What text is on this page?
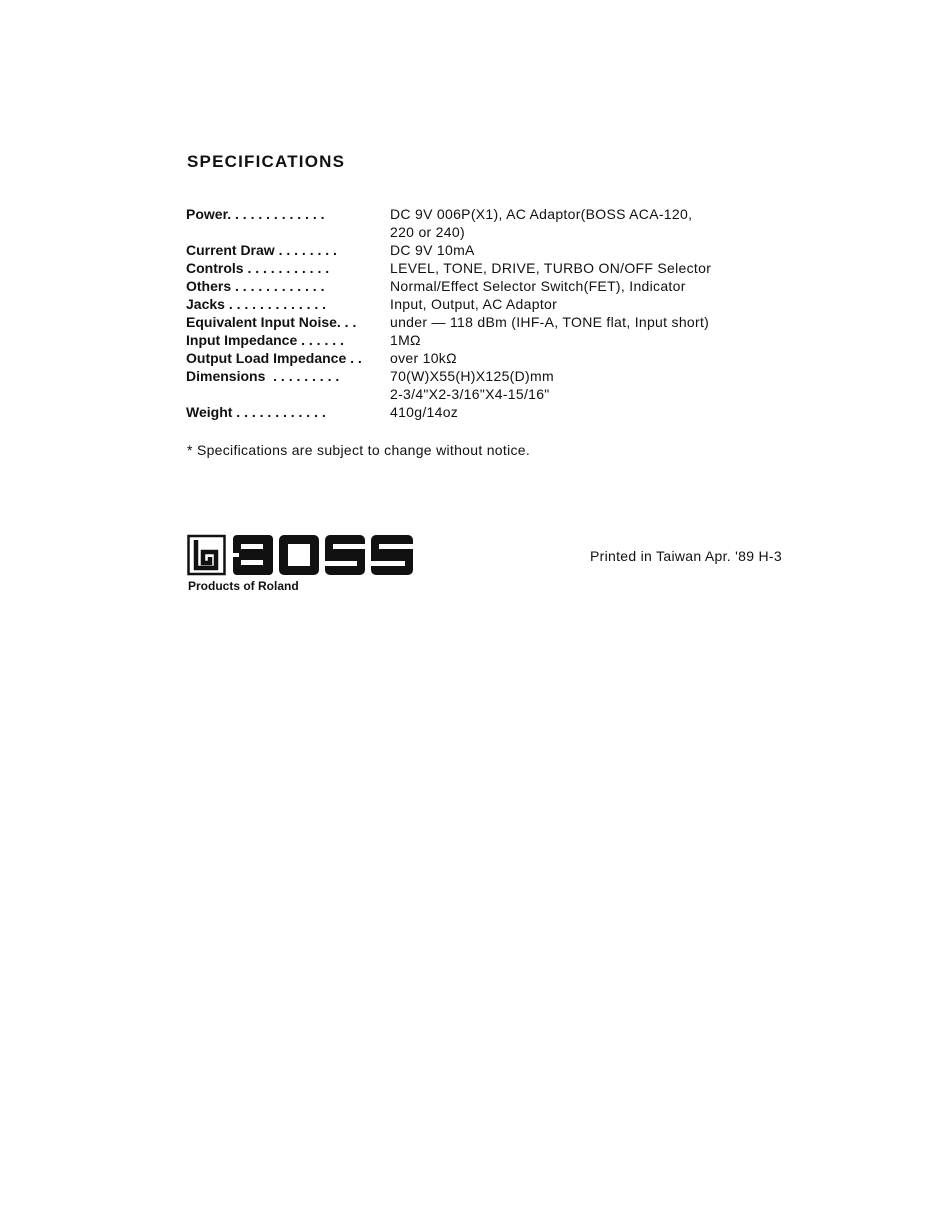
SPECIFICATIONS
Power. . . . . . . . . . . . .	DC 9V 006P(X1), AC Adaptor(BOSS ACA-120,
220 or 240)
Current Draw . . . . . . . .	DC 9V 10mA
Controls . . . . . . . . . . .	LEVEL, TONE, DRIVE, TURBO ON/OFF Selector
Others . . . . . . . . . . . .	Normal/Effect Selector Switch(FET), Indicator
Jacks . . . . . . . . . . . . .	Input, Output, AC Adaptor
Equivalent Input Noise. . .	under — 118 dBm (IHF-A, TONE flat, Input short)
Input Impedance . . . . . .	1MΩ
Output Load Impedance . .	over 10kΩ
Dimensions  . . . . . . . . .	70(W)X55(H)X125(D)mm
2-3/4"X2-3/16"X4-15/16"
Weight . . . . . . . . . . . .	410g/14oz
* Specifications are subject to change without notice.
Products of Roland
Printed in Taiwan Apr. '89 H-3
